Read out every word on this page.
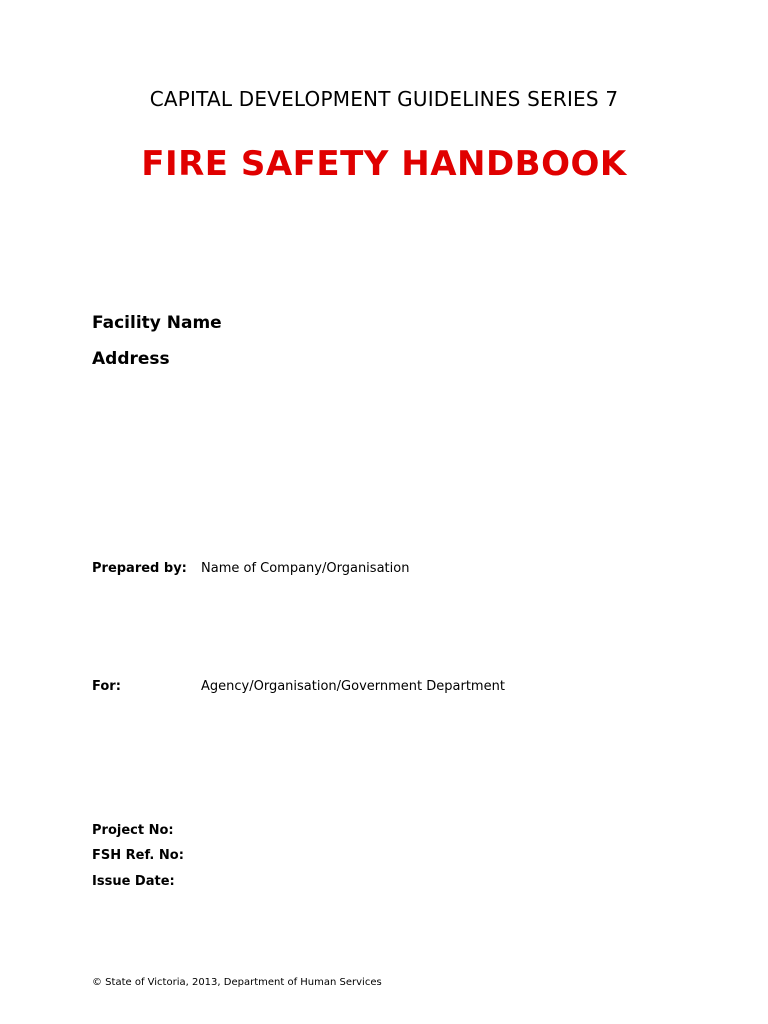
CAPITAL DEVELOPMENT GUIDELINES SERIES 7
FIRE SAFETY HANDBOOK
Facility Name
Address
Prepared by: Name of Company/Organisation
For:	Agency/Organisation/Government Department
Project No:
FSH Ref. No:
Issue Date:
© State of Victoria, 2013, Department of Human Services
